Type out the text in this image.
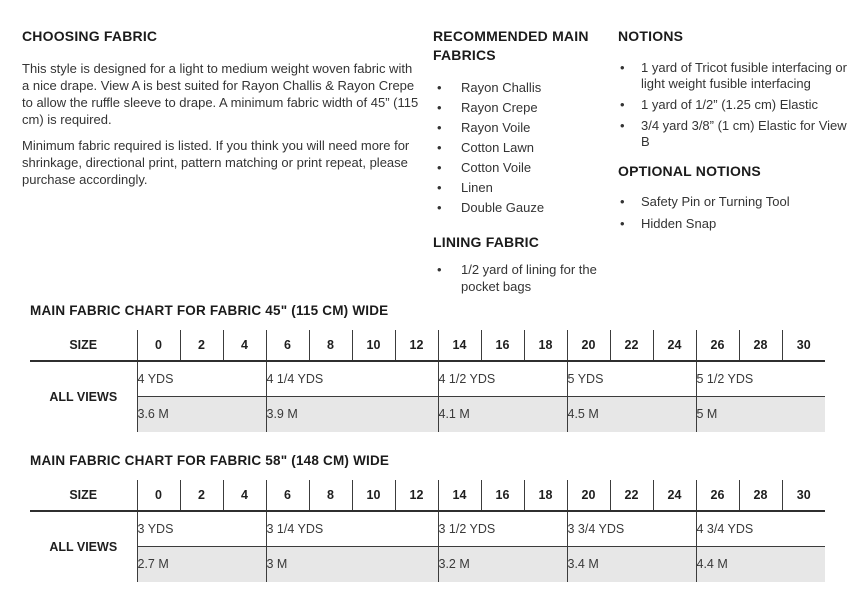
CHOOSING FABRIC

This style is designed for a light to medium weight woven fabric with a nice drape. View A is best suited for Rayon Challis & Rayon Crepe to allow the ruffle sleeve to drape. A minimum fabric width of 45” (115 cm) is required.

Minimum fabric required is listed. If you think you will need more for shrinkage, directional print, pattern matching or print repeat, please purchase accordingly.

RECOMMENDED MAIN FABRICS
•	Rayon Challis
•	Rayon Crepe
•	Rayon Voile
•	Cotton Lawn
•	Cotton Voile
•	Linen
•	Double Gauze
LINING FABRIC
•	1/2 yard of lining for the pocket bags
NOTIONS
•	1 yard of Tricot fusible interfacing or light weight fusible interfacing
•	1 yard of 1/2” (1.25 cm) Elastic
•	3/4 yard 3/8” (1 cm) Elastic for View B
OPTIONAL NOTIONS
•	Safety Pin or Turning Tool
•	Hidden Snap
MAIN FABRIC CHART FOR FABRIC 45" (115 CM) WIDE
SIZE	0	2	4	6	8	10	12	14	16	18	20	22	24	26	28	30
ALL VIEWS	4 YDS			4 1/4 YDS				4 1/2 YDS			5 YDS			5 1/2 YDS		
	3.6 M			3.9 M				4.1 M			4.5 M			5 M		
MAIN FABRIC CHART FOR FABRIC 58" (148 CM) WIDE
SIZE	0	2	4	6	8	10	12	14	16	18	20	22	24	26	28	30
ALL VIEWS	3 YDS			3 1/4 YDS				3 1/2 YDS			3 3/4 YDS			4 3/4 YDS		
	2.7 M			3 M				3.2 M			3.4 M			4.4 M		
